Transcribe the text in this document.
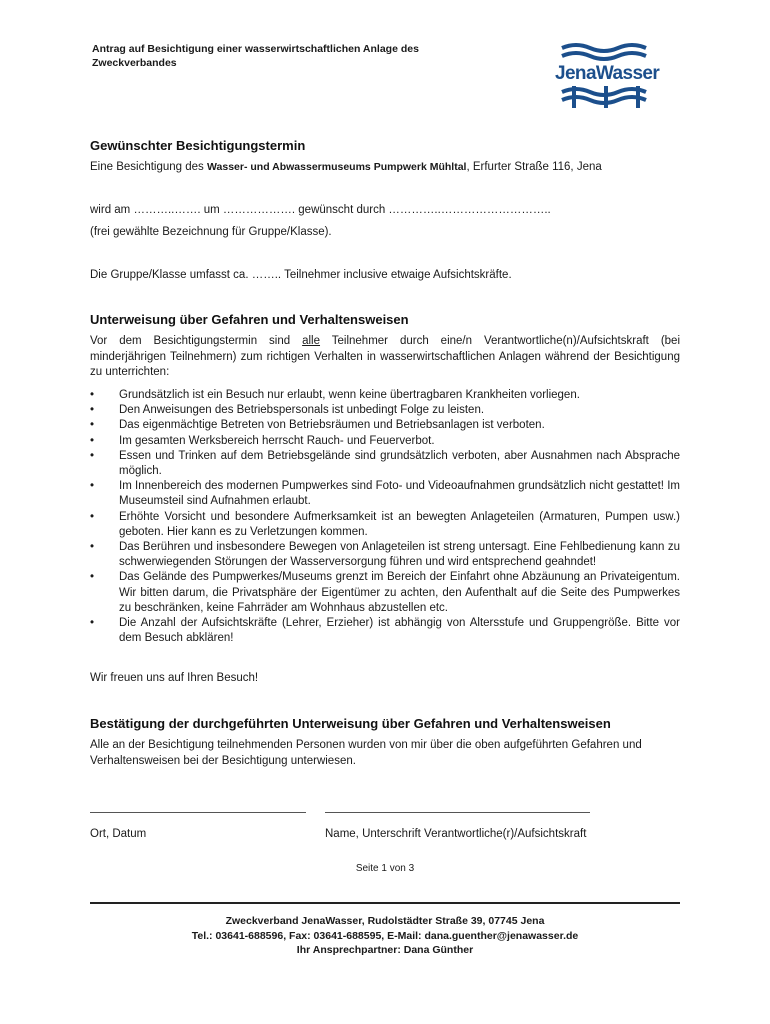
Antrag auf Besichtigung einer wasserwirtschaftlichen Anlage des
Zweckverbandes	JenaWasser
Gewünschter Besichtigungstermin
Eine Besichtigung des Wasser- und Abwassermuseums Pumpwerk Mühltal, Erfurter Straße 116, Jena
wird am ………..……. um ………………. gewünscht durch …………..………………………..
(frei gewählte Bezeichnung für Gruppe/Klasse).
Die Gruppe/Klasse umfasst ca. …….. Teilnehmer inclusive etwaige Aufsichtskräfte.
Unterweisung über Gefahren und Verhaltensweisen
Vor dem Besichtigungstermin sind alle Teilnehmer durch eine/n Verantwortliche(n)/Aufsichtskraft (bei minderjährigen Teilnehmern) zum richtigen Verhalten in wasserwirtschaftlichen Anlagen während der Besichtigung zu unterrichten:
• Grundsätzlich ist ein Besuch nur erlaubt, wenn keine übertragbaren Krankheiten vorliegen.
• Den Anweisungen des Betriebspersonals ist unbedingt Folge zu leisten.
• Das eigenmächtige Betreten von Betriebsräumen und Betriebsanlagen ist verboten.
• Im gesamten Werksbereich herrscht Rauch- und Feuerverbot.
• Essen und Trinken auf dem Betriebsgelände sind grundsätzlich verboten, aber Ausnahmen nach Absprache möglich.
• Im Innenbereich des modernen Pumpwerkes sind Foto- und Videoaufnahmen grundsätzlich nicht gestattet! Im Museumsteil sind Aufnahmen erlaubt.
• Erhöhte Vorsicht und besondere Aufmerksamkeit ist an bewegten Anlageteilen (Armaturen, Pumpen usw.) geboten. Hier kann es zu Verletzungen kommen.
• Das Berühren und insbesondere Bewegen von Anlageteilen ist streng untersagt. Eine Fehlbedienung kann zu schwerwiegenden Störungen der Wasserversorgung führen und wird entsprechend geahndet!
• Das Gelände des Pumpwerkes/Museums grenzt im Bereich der Einfahrt ohne Abzäunung an Privateigentum. Wir bitten darum, die Privatsphäre der Eigentümer zu achten, den Aufenthalt auf die Seite des Pumpwerkes zu beschränken, keine Fahrräder am Wohnhaus abzustellen etc.
• Die Anzahl der Aufsichtskräfte (Lehrer, Erzieher) ist abhängig von Altersstufe und Gruppengröße. Bitte vor dem Besuch abklären!
Wir freuen uns auf Ihren Besuch!
Bestätigung der durchgeführten Unterweisung über Gefahren und Verhaltensweisen
Alle an der Besichtigung teilnehmenden Personen wurden von mir über die oben aufgeführten Gefahren und Verhaltensweisen bei der Besichtigung unterwiesen.
Ort, Datum	Name, Unterschrift Verantwortliche(r)/Aufsichtskraft
Seite 1 von 3
Zweckverband JenaWasser, Rudolstädter Straße 39, 07745 Jena
Tel.: 03641-688596, Fax: 03641-688595, E-Mail: dana.guenther@jenawasser.de
Ihr Ansprechpartner: Dana Günther
